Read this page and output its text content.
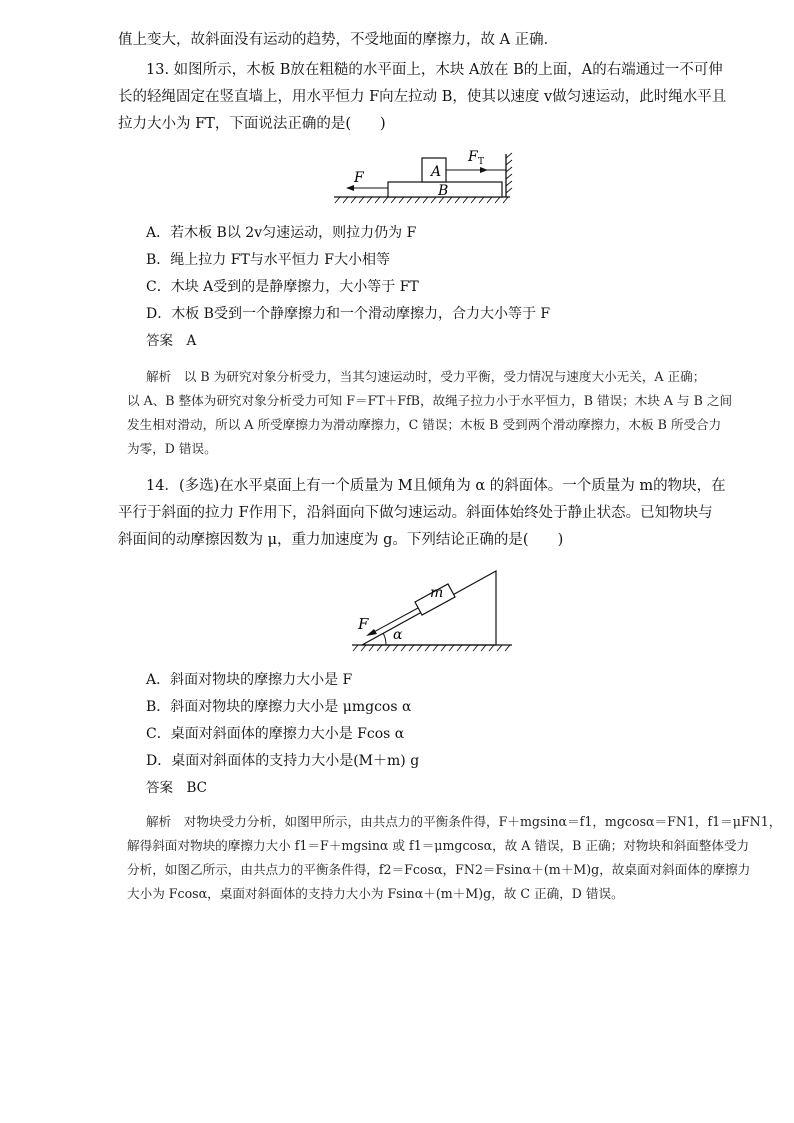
值上变大，故斜面没有运动的趋势，不受地面的摩擦力，故 A 正确．
13. 如图所示，木板 B放在粗糙的水平面上，木块 A放在 B的上面，A的右端通过一不可伸
长的轻绳固定在竖直墙上，用水平恒力 F向左拉动 B，使其以速度 v做匀速运动，此时绳水平且
拉力大小为 FT，下面说法正确的是(　　)
A
B
F
F T
A．若木板 B以 2v匀速运动，则拉力仍为 F
B．绳上拉力 FT与水平恒力 F大小相等
C．木块 A受到的是静摩擦力，大小等于 FT
D．木板 B受到一个静摩擦力和一个滑动摩擦力，合力大小等于 F
答案　A
解析　以 B 为研究对象分析受力，当其匀速运动时，受力平衡，受力情况与速度大小无关，A 正确；
以 A、B 整体为研究对象分析受力可知 F＝FT＋FfB，故绳子拉力小于水平恒力，B 错误；木块 A 与 B 之间
发生相对滑动，所以 A 所受摩擦力为滑动摩擦力，C 错误；木板 B 受到两个滑动摩擦力，木板 B 所受合力
为零，D 错误。
14．(多选)在水平桌面上有一个质量为 M且倾角为 α 的斜面体。一个质量为 m的物块，在
平行于斜面的拉力 F作用下，沿斜面向下做匀速运动。斜面体始终处于静止状态。已知物块与
斜面间的动摩擦因数为 μ，重力加速度为 g。下列结论正确的是(　　)
m
F
α
A．斜面对物块的摩擦力大小是 F
B．斜面对物块的摩擦力大小是 μmgcos α
C．桌面对斜面体的摩擦力大小是 Fcos α
D．桌面对斜面体的支持力大小是(M＋m) g
答案　BC
解析　对物块受力分析，如图甲所示，由共点力的平衡条件得，F＋mgsinα＝f1，mgcosα＝FN1，f1＝μFN1，
解得斜面对物块的摩擦力大小 f1＝F＋mgsinα 或 f1＝μmgcosα，故 A 错误，B 正确；对物块和斜面整体受力
分析，如图乙所示，由共点力的平衡条件得，f2＝Fcosα，FN2＝Fsinα＋(m＋M)g，故桌面对斜面体的摩擦力
大小为 Fcosα，桌面对斜面体的支持力大小为 Fsinα＋(m＋M)g，故 C 正确，D 错误。
